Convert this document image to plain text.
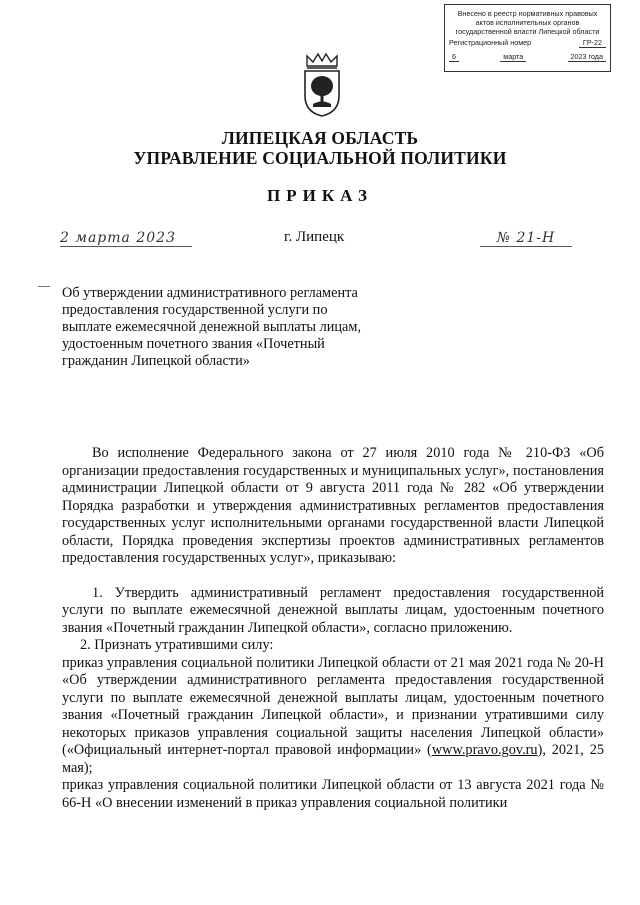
Внесено в реестр нормативных правовых
актов исполнительных органов
государственной власти Липецкой области
Регистрационный номер	ГР-22
6	марта	2023 года
ЛИПЕЦКАЯ ОБЛАСТЬ
УПРАВЛЕНИЕ СОЦИАЛЬНОЙ ПОЛИТИКИ
ПРИКАЗ
2 марта 2023	г. Липецк	№ 21-Н
Об утверждении административного регламента предоставления государственной услуги по выплате ежемесячной денежной выплаты лицам, удостоенным почетного звания «Почетный гражданин Липецкой области»

Во исполнение Федерального закона от 27 июля 2010 года № 210-ФЗ «Об организации предоставления государственных и муниципальных услуг», постановления администрации Липецкой области от 9 августа 2011 года № 282 «Об утверждении Порядка разработки и утверждения административных регламентов предоставления государственных услуг исполнительными органами государственной власти Липецкой области, Порядка проведения экспертизы проектов административных регламентов предоставления государственных услуг», приказываю:

1. Утвердить административный регламент предоставления государственной услуги по выплате ежемесячной денежной выплаты лицам, удостоенным почетного звания «Почетный гражданин Липецкой области», согласно приложению.

2. Признать утратившими силу:

приказ управления социальной политики Липецкой области от 21 мая 2021 года № 20-Н «Об утверждении административного регламента предоставления государственной услуги по выплате ежемесячной денежной выплаты лицам, удостоенным почетного звания «Почетный гражданин Липецкой области», и признании утратившими силу некоторых приказов управления социальной защиты населения Липецкой области» («Официальный интернет-портал правовой информации» (www.pravo.gov.ru), 2021, 25 мая);

приказ управления социальной политики Липецкой области от 13 августа 2021 года № 66-Н «О внесении изменений в приказ управления социальной политики
